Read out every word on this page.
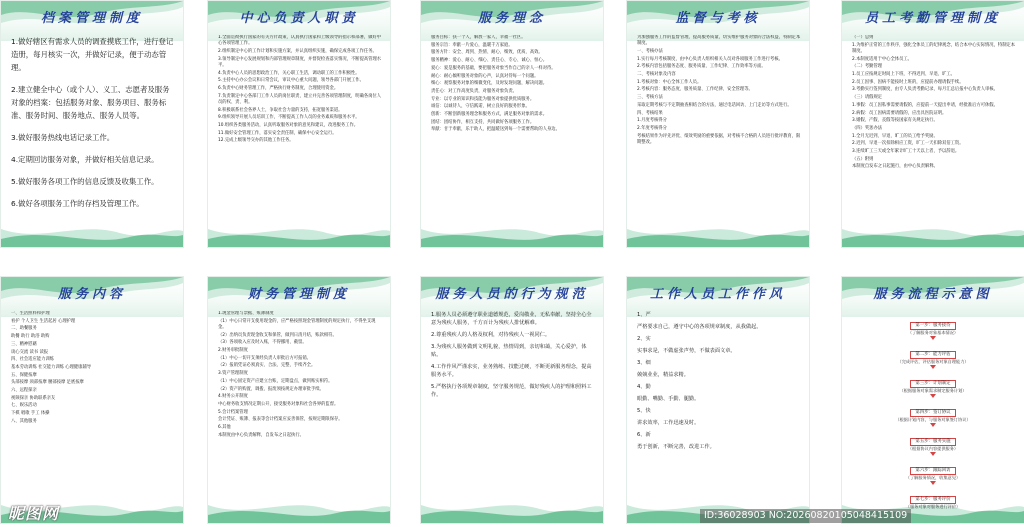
档案管理制度

1.做好辖区有需求人员的调查摸底工作，进行登记造册，每月核实一次，并做好记录，便于动态管理。

2.建立健全中心（或个人）、义工、志愿者及服务对象的档案：包括服务对象、服务项目、服务标准、服务时间、服务地点、服务人员等。

3.做好服务热线电话记录工作。

4.定期回访服务对象，并做好相关信息记录。

5.做好服务各项工作的信息反馈及收集工作。

6.做好各项服务工作的存档及管理工作。

中心负责人职责

1.全面贯彻执行国家的有关方针政策，认真执行国家和上级领导的指示和部署，做好中心各项管理工作。

2.组织制定中心的工作计划和实施方案，并认真组织实施，确保完成各项工作任务。

3.领导制定中心发展规划和内部管理规章制度，并督促检查落实情况，不断提高管理水平。

4.负责中心人员的思想政治工作，关心职工生活，调动职工的工作积极性。

5.主持中心办公会议和日常会议，审议中心重大问题，领导各部门开展工作。

6.负责中心财务管理工作，严格执行财务制度，合理使用资金。

7.负责制定中心各部门工作人员的岗位职责，建立并完善各项管理制度，明确各岗位人员的权、责、利。

8.积极联系社会各界人士，争取社会力量的支持，拓宽服务渠道。

9.组织领导开展人员培训工作，不断提高工作人员的业务素质和服务水平。

10.组织各类服务活动，认真听取服务对象的意见和建议，改进服务工作。

11.做好安全管理工作，落实安全责任制，确保中心安全运行。

12.完成上级领导交办的其他工作任务。

服务理念

服务目标：扶一个人，解放一家人，幸福一社区。

服务宗旨：奉献一片爱心，温暖千万家庭。

服务方针：安全、周到、热情、耐心、细致、优质、高效。

服务精神：爱心、耐心、细心、责任心、专心、诚心、恒心。

爱心：爱是服务的基础，要把服务对象当作自己的亲人一样对待。

耐心：耐心倾听服务对象的心声，认真对待每一个问题。

细心：观察服务对象的细微变化，及时发现问题，解决问题。

责任心：对工作高度负责，对服务对象负责。

专业：以专业的知识和技能为服务对象提供优质服务。

诚信：以诚待人，守信践诺，树立良好的服务形象。

创新：不断创新服务理念和服务方式，满足服务对象的需求。

团结：团结协作，相互支持，共同做好各项服务工作。

奉献：甘于奉献，乐于助人，把温暖送到每一个需要帮助的人身边。

监督与考核

为加强服务工作的监督管理，提高服务质量，切实维护服务对象的合法权益，特制定本制度。

一、考核办法

1.实行每月考核制度，由中心负责人组织相关人员对各项服务工作进行考核。

2.考核内容包括服务态度、服务质量、工作纪律、工作效率等方面。

二、考核对象及内容

1.考核对象：中心全体工作人员。

2.考核内容：服务态度、服务质量、工作纪律、安全管理等。

三、考核方法

采取定期考核与不定期抽查相结合的方法，通过电话回访、上门走访等方式进行。

四、考核结果

1.月度考核得分

2.年度考核得分

考核结果作为评先评优、绩效奖励的重要依据，对考核不合格的人员进行批评教育，限期整改。

员工考勤管理制度

（一）总则

1.为维护正常的工作秩序，强化全体员工的纪律观念，结合本中心实际情况，特制定本制度。

2.本制度适用于中心全体员工。

（二）考勤管理

1.员工应按规定时间上下班，不得迟到、早退、旷工。

2.员工因事、因病不能按时上班的，应提前办理请假手续。

3.考勤实行签到制度，由专人负责考勤记录，每月汇总后报中心负责人审核。

（三）请假规定

1.事假：员工因私事需要请假的，应提前一天提出申请，经批准后方可休假。

2.病假：员工因病需要请假的，应出具医院证明。

3.婚假、产假、丧假等按国家有关规定执行。

（四）奖惩办法

1.全月无迟到、早退、旷工的员工给予奖励。

2.迟到、早退一次扣除相应工资，旷工一天扣除双倍工资。

3.连续旷工三天或全年累计旷工十天以上者，予以辞退。

（五）附则

本制度自发布之日起施行，由中心负责解释。

服务内容

一、生活照料和护理

看护 个人卫生 生活起居 心理护理

二、助餐服务

助餐 助行 助浴 助购

三、精神慰藉

谈心交流 读书 读报

四、社会适应能力训练

基本劳动训练 社交能力训练 心理健康辅导

五、保健按摩

头部按摩 颈部按摩 腰部按摩 足底按摩

六、远程探亲

视频探亲 协助联系亲友

七、娱乐活动

下棋 唱歌 手工 体操

八、其他服务

财务管理制度

1.现金管理与票据、账簿制度

（1）中心日常开支使用现金的，应严格按照现金管理制度的规定执行，不得坐支现金。

（2）出纳员负责现金收支和保管，做到日清月结，账款相符。

（3）各项收入应及时入账，不得挪用、截留。

2.财务审批制度

（1）中心一切开支须经负责人审批后方可报销。

（2）报销凭证必须真实、合法、完整，手续齐全。

3.资产管理制度

（1）中心固定资产应建立台账，定期盘点，做到账实相符。

（2）资产的购置、调拨、报废须按规定办理审批手续。

4.财务公开制度

中心财务收支情况定期公开，接受服务对象和社会各界的监督。

5.会计档案管理

会计凭证、账簿、报表等会计档案应妥善保管，按规定期限保存。

6.其他

本制度由中心负责解释，自发布之日起执行。

服务人员的行为规范

1.服务人员必须遵守职业道德规范，爱岗敬业，无私奉献，坚持全心全意为残疾人服务，千方百计为残疾人排忧解难。

2.尊重残疾人的人格及权利，对待残疾人一视同仁。

3.为残疾人服务做到文明礼貌，热情周到，亲切和蔼，关心爱护，体贴。

4.工作作风严谨求实，业务熟练、技能过硬，不断更新服务理念，提高服务水平。

5.严格执行各项规章制度，坚守服务规范，做好残疾人的护理和照料工作。

工作人员工作作风

1、严

严格要求自己，遵守中心的各项规章制度，从我做起。

2、实

实事求是，不做虚张声势，不做表面文章。

3、细

兢兢业业，精益求精。

4、勤

眼勤、嘴勤、手勤、腿勤。

5、快

讲求效率，工作迅速及时。

6、新

勇于创新，不断完善，改进工作。

服务流程示意图
第一步：服务接待
（了解服务对象基本情况）
第二步：能力评估
（完成评估，评估服务对象自理能力）
第三步：计划制定
（根据服务对象需求制定服务计划）
第四步：签订协议
（根据计划内容，与服务对象签订协议）
第五步：服务实施
（根据协议内容提供服务）
第六步：跟踪回访
（了解服务情况，收集意见）
第七步：服务评价
（服务对象对服务进行评价）
昵图网	ID:36028903 NO:20260820105048415109
